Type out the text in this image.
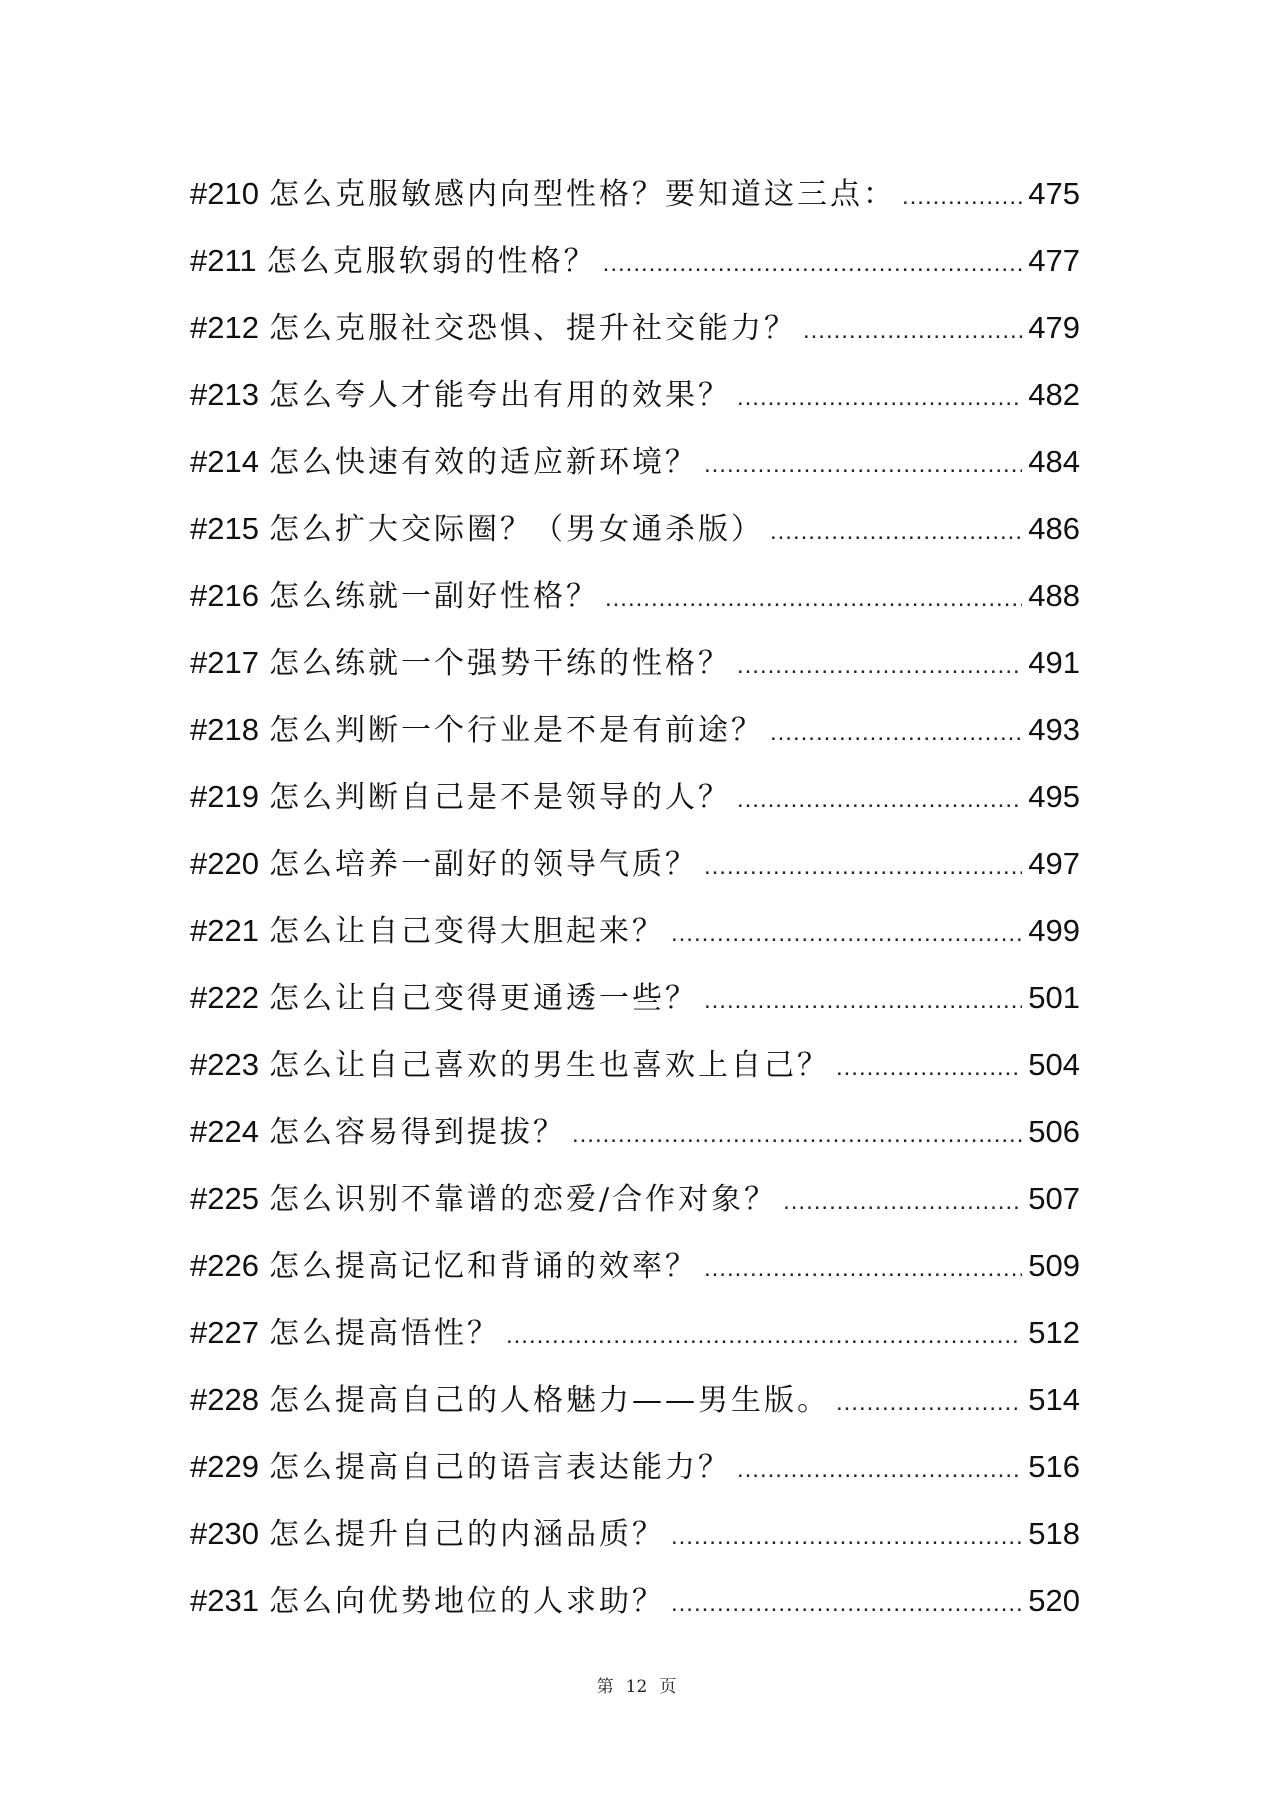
#210 怎么克服敏感内向型性格？要知道这三点： .....	475
#211 怎么克服软弱的性格？ .....	477
#212 怎么克服社交恐惧、提升社交能力？ .....	479
#213 怎么夸人才能夸出有用的效果？ .....	482
#214 怎么快速有效的适应新环境？ .....	484
#215 怎么扩大交际圈？（男女通杀版） .....	486
#216 怎么练就一副好性格？ .....	488
#217 怎么练就一个强势干练的性格？ .....	491
#218 怎么判断一个行业是不是有前途？ .....	493
#219 怎么判断自己是不是领导的人？ .....	495
#220 怎么培养一副好的领导气质？ .....	497
#221 怎么让自己变得大胆起来？ .....	499
#222 怎么让自己变得更通透一些？ .....	501
#223 怎么让自己喜欢的男生也喜欢上自己？ .....	504
#224 怎么容易得到提拔？ .....	506
#225 怎么识别不靠谱的恋爱/合作对象？ .....	507
#226 怎么提高记忆和背诵的效率？ .....	509
#227 怎么提高悟性？ .....	512
#228 怎么提高自己的人格魅力——男生版。 .....	514
#229 怎么提高自己的语言表达能力？ .....	516
#230 怎么提升自己的内涵品质？ .....	518
#231 怎么向优势地位的人求助？ .....	520
第 12 页
